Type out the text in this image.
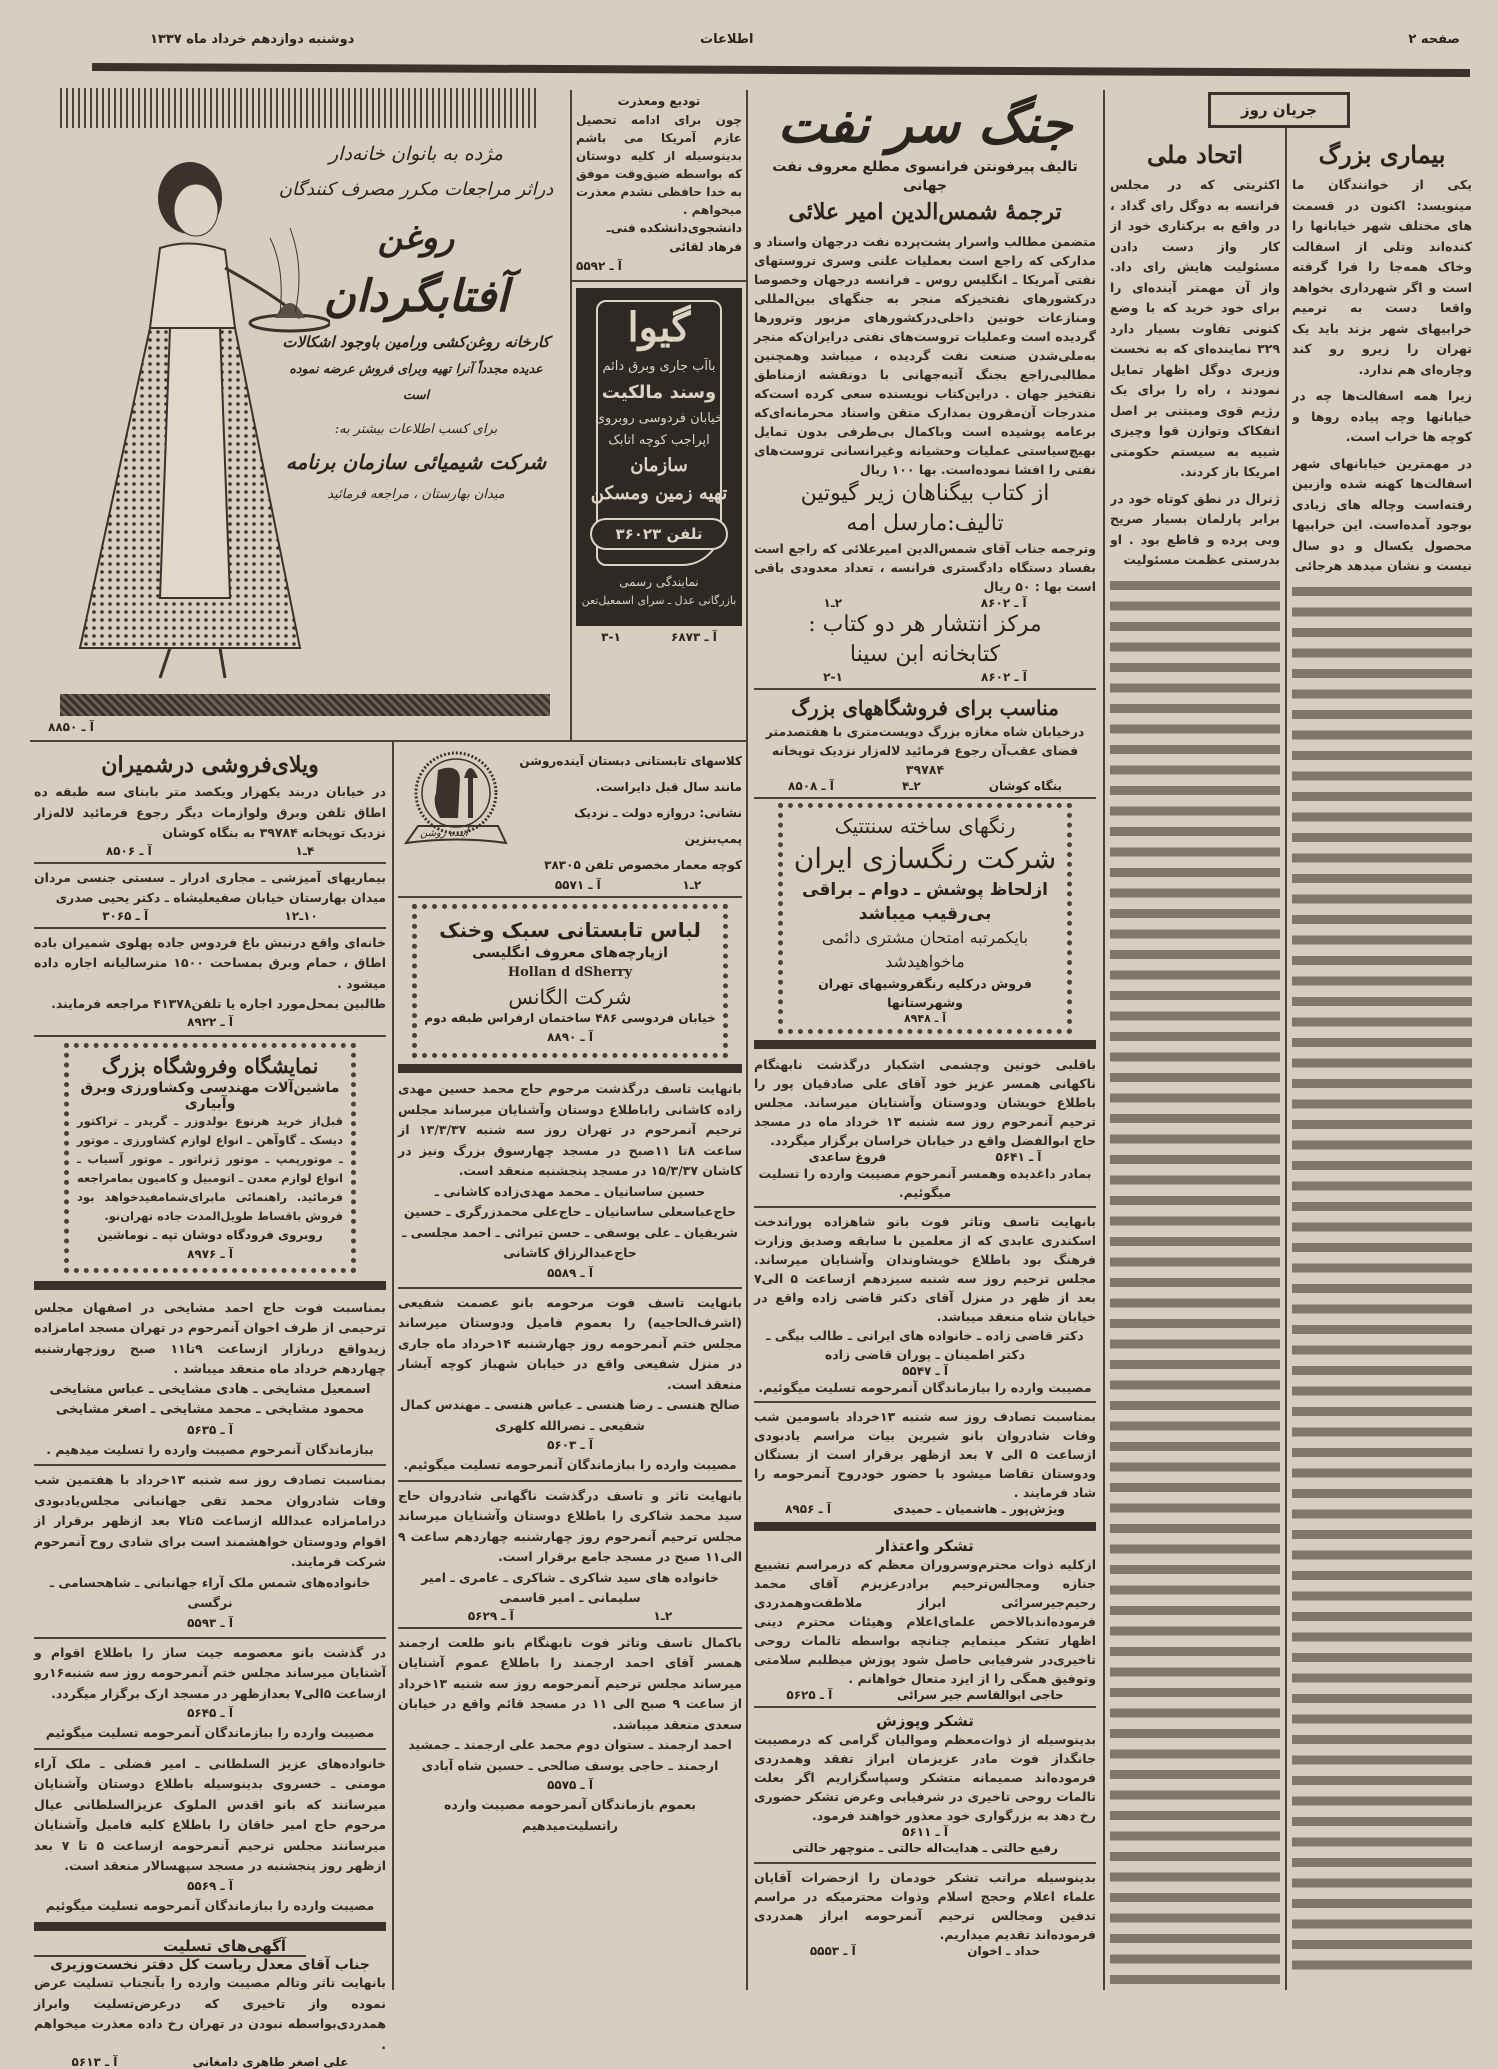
صفحه ۲
اطلاعات
دوشنبه دوازدهم خرداد ماه ۱۳۳۷
جریان روز
بیماری بزرگ

یکی از خوانندگان ما مینویسد: اکنون در قسمت های مختلف شهر خیابانها را کنده‌اند وتلی از اسفالت وخاک همه‌جا را فرا گرفته است و اگر شهرداری بخواهد واقعا دست به ترمیم خرابیهای شهر بزند باید یک تهران را زیرو رو کند وچاره‌ای هم ندارد.

زیرا همه اسفالت‌ها چه در خیابانها وچه پیاده روها و کوچه ها خراب است.

در مهمترین خیابانهای شهر اسفالت‌ها کهنه شده وازبین رفته‌است وچاله های زیادی بوجود آمده‌است. این خرابیها محصول یکسال و دو سال نیست و نشان میدهد هرجائی

اتحاد ملی

اکثریتی که در مجلس فرانسه به دوگل رای گداد ، در واقع به برکناری خود از کار واز دست دادن مسئولیت هایش رای داد. واز آن مهمتر آینده‌ای را برای خود خرید که با وضع کنونی تفاوت بسیار دارد ۳۲۹ نماینده‌ای که به نخست وزیری دوگل اظهار تمایل نمودند ، راه را برای یک رژیم قوی ومبتنی بر اصل انفکاک وتوازن قوا وچیزی شبیه به سیستم حکومتی امریکا باز کردند.

ژنرال در نطق کوتاه خود در برابر پارلمان بسیار صریح وبی پرده و قاطع بود . او بدرستی عظمت مسئولیت

جنگ سر نفت
تالیف پیرفونتن فرانسوی مطلع معروف نفت جهانی
ترجمهٔ شمس‌الدین امیر علائی

متضمن مطالب واسرار پشت‌پرده نفت درجهان واسناد و مدارکی که راجع است بعملیات علنی وسری تروستهای نفتی آمریکا ـ انگلیس روس ـ فرانسه درجهان وخصوصا درکشورهای نفتخیزکه منجر به جنگهای بین‌المللی ومنازعات خونین داخلی‌درکشورهای مزبور وترورها گردیده است وعملیات تروست‌های نفتی درایران‌که منجر به‌ملی‌شدن صنعت نفت گردیده ، میباشد وهمچنین مطالبی‌راجع بجنگ آتیه‌جهانی با دونقشه ازمناطق نفتخیز جهان . دراین‌کتاب نویسنده سعی کرده است‌که مندرجات آن‌مقرون بمدارک متقن واسناد محرمانه‌ای‌که برعامه پوشیده است وباکمال بی‌طرفی بدون تمایل بهیچ‌سیاستی عملیات وحشیانه وغیرانسانی تروست‌های نفتی را افشا نموده‌است. بها ۱۰۰ ریال

از کتاب بیگناهان زیر گیوتین
تالیف:مارسل امه

وترجمه جناب آقای شمس‌الدین امیرعلائی که راجع است بفساد دستگاه دادگستری فرانسه ، تعداد معدودی باقی است بها : ۵۰ ریال

آ ـ ۸۶۰۲
۲ـ۱
مرکز انتشار هر دو کتاب :
کتابخانه ابن سینا
آ ـ ۸۶۰۲
۲-۱
مناسب برای فروشگاههای بزرگ

درخیابان شاه مغازه بزرگ دویست‌متری با هفتصدمتر فضای عقب‌آن رجوع فرمائید لاله‌زار نزدیک توپخانه ۳۹۷۸۴

بنگاه کوشان
۲ـ۴
آ ـ ۸۵۰۸
رنگهای ساخته سنتتیک
شرکت رنگسازی ایران
ازلحاظ پوشش ـ دوام ـ براقی
بی‌رقیب میباشد
بایکمرتبه امتحان مشتری دائمی
ماخواهیدشد
فروش درکلیه رنگفروشیهای تهران وشهرستانها
آ ـ ۸۹۴۸

باقلبی خونین وچشمی اشکبار درگذشت نابهنگام ناکهانی همسر عزیز خود آقای علی صادقیان پور را باطلاع خویشان ودوستان وآشنایان میرساند. مجلس ترحیم آنمرحوم روز سه شنبه ۱۳ خرداد ماه در مسجد حاج ابوالفضل واقع در خیابان خراسان برگزار میگردد.

آ ـ ۵۶۴۱
فروغ ساعدی

بمادر داغدیده وهمسر آنمرحوم مصیبت وارده را تسلیت میگوئیم.

بانهایت تاسف وتاثر فوت بانو شاهزاده پوراندخت اسکندری عابدی که از معلمین با سابقه وصدیق وزارت فرهنگ بود باطلاع خویشاوندان وآشنایان میرساند. مجلس ترحیم روز سه شنبه سیزدهم ازساعت ۵ الی۷ بعد از ظهر در منزل آقای دکتر قاضی زاده واقع در خیابان شاه منعقد میباشد.

دکتر قاضی زاده ـ خانواده های ایرانی ـ طالب بیگی ـ دکتر اطمینان ـ پوران قاضی زاده

آ ـ ۵۵۴۷

مصیبت وارده را ببازماندگان آنمرحومه تسلیت میگوئیم.

بمناسبت تصادف روز سه شنبه ۱۳خرداد باسومین شب وفات شادروان بانو شیرین بیات مراسم یادبودی ازساعت ۵ الی ۷ بعد ازظهر برقرار است از بستگان ودوستان تقاضا میشود با حضور خودروح آنمرحومه را شاد فرمایند .

ویژش‌پور ـ هاشمیان ـ حمیدی
آ ـ ۸۹۵۶
تشکر واعتذار

ازکلیه ذوات محترم‌وسروران معظم که درمراسم تشییع جنازه ومجالس‌ترحیم برادرعزیزم آقای محمد رحیم‌جیرسرائی ابراز ملاطفت‌وهمدردی فرموده‌اندبالاخص علمای‌اعلام وهیئات محترم دینی اظهار تشکر مینمایم چنانچه بواسطه تالمات روحی تاخیری‌در شرفیابی حاصل شود پوزش میطلبم سلامتی وتوفیق همگی را از ایزد متعال خواهانم .

حاجی ابوالقاسم جیر سرائی
آ ـ ۵۶۲۵
تشکر وپوزش

بدینوسیله از ذوات‌معظم وموالیان گرامی که درمصیبت جانگداز فوت مادر عزیزمان ابراز تفقد وهمدردی فرموده‌اند صمیمانه متشکر وسپاسگزاریم اگر بعلت تالمات روحی تاخیری در شرفیابی وعرض تشکر حضوری رخ دهد به بزرگواری خود معذور خواهند فرمود.

آ ـ ۵۶۱۱
رفیع حالتی ـ هدایت‌اله حالتی ـ منوچهر حالتی

بدینوسیله مراتب تشکر خودمان را ازحضرات آقایان علماء اعلام وحجج اسلام وذوات محترمیکه در مراسم تدفین ومجالس ترحیم آنمرحومه ابراز همدردی فرموده‌اند تقدیم میداریم.

حداد ـ اخوان
آ ـ ۵۵۵۳
تودیع ومعذرت

چون برای ادامه تحصیل عازم آمریکا می باشم بدینوسیله از کلیه دوستان که بواسطه ضیق‌وقت موفق به خدا حافظی نشدم معذرت میخواهم .

دانشجوی‌دانشکده فنی‌ـ فرهاد لقائی
آ ـ ۵۵۹۲
گیوا
باآب جاری وبرق دائم
وسند مالکیت
خیابان فردوسی روبروی
اپراجب کوچه اتابک
سازمان
تهیه زمین ومسکن
تلفن ۳۶۰۲۳
نمایندگی رسمی
بازرگانی عدل ـ سرای اسمعیل‌تعن
آ ـ ۶۸۷۳
۳-۱
مژده به بانوان خانه‌دار
دراثر مراجعات مکرر مصرف کنندگان
روغن
آفتابگردان
کارخانه روغن‌کشی ورامین باوجود اشکالات
عدیده مجدداً آنرا تهیه وبرای فروش عرضه نموده است
برای کسب اطلاعات بیشتر به:
شرکت شیمیائی سازمان برنامه
میدان بهارستان ، مراجعه فرمائید
آ ـ ۸۸۵۰
ویلای‌فروشی درشمیران

در خیابان دربند یکهزار ویکصد متر بابنای سه طبقه ده اطاق تلفن وبرق ولوازمات دیگر رجوع فرمائید لاله‌زار نزدیک توپخانه ۳۹۷۸۴ به بنگاه کوشان

۴ـ۱
آ ـ ۸۵۰۶

بیماریهای آمیزشی ـ مجاری ادرار ـ سستی جنسی مردان میدان بهارستان خیابان صفیعلیشاه ـ دکتر یحیی صدری

۱۰ـ۱۲
آ ـ ۳۰۶۵

خانه‌ای واقع درنبش باغ فردوس جاده پهلوی شمیران باده اطاق ، حمام وبرق بمساحت ۱۵۰۰ مترسالیانه اجاره داده میشود .

طالبین بمحل‌مورد اجاره یا تلفن۴۱۳۷۸ مراجعه فرمایند.

آ ـ ۸۹۲۲
نمایشگاه وفروشگاه بزرگ
ماشین‌آلات مهندسی وکشاورزی وبرق وآبیاری

قبل‌از خرید هرنوع بولدوزر ـ گریدر ـ تراکتور دیسک ـ گاوآهن ـ انواع لوازم کشاورزی ـ موتور ـ موتورپمپ ـ موتور ژنراتور ـ موتور آسیاب ـ انواع لوازم معدن ـ اتومبیل و کامیون بمامراجعه فرمائید. راهنمائی مابرای‌شمامفیدخواهد بود فروش باقساط طویل‌المدت جاده تهران‌نو.

روبروی فرودگاه دوشان تپه ـ نوماشین
آ ـ ۸۹۷۶

بمناسبت فوت حاج احمد مشایخی در اصفهان مجلس ترحیمی از طرف اخوان آنمرحوم در تهران مسجد امامزاده زیدواقع دربازار ازساعت ۹تا۱۱ صبح روزچهارشنبه چهاردهم خرداد ماه منعقد میباشد .

اسمعیل مشایخی ـ هادی مشایخی ـ عباس مشایخی محمود مشایخی ـ محمد مشایخی ـ اصغر مشایخی

آ ـ ۵۶۳۵

ببازماندگان آنمرحوم مصیبت وارده را تسلیت میدهیم .

بمناسبت تصادف روز سه شنبه ۱۳خرداد با هفتمین شب وفات شادروان محمد تقی جهانبانی مجلس‌یادبودی درامامزاده عبدالله ازساعت ۵تا۷ بعد ازظهر برقرار از اقوام ودوستان خواهشمند است برای شادی روح آنمرحوم شرکت فرمایند.

خانواده‌های شمس ملک آراء جهانبانی ـ شاهحسامی ـ نرگسی

آ ـ ۵۵۹۳

در گذشت بانو معصومه جیت ساز را باطلاع اقوام و آشنایان میرساند مجلس ختم آنمرحومه روز سه شنبه۱۶رو ازساعت ۵الی۷ بعدازظهر در مسجد ارک برگزار میگردد.

آ ـ ۵۶۴۵

مصیبت وارده را ببازماندگان آنمرحومه تسلیت میگوئیم

خانواده‌های عزیز السلطانی ـ امیر فضلی ـ ملک آراء مومنی ـ خسروی بدینوسیله باطلاع دوستان وآشنایان میرسانند که بانو اقدس الملوک عزیزالسلطانی عیال مرحوم حاج امیر خاقان را باطلاع کلیه فامیل وآشنایان میرسانند مجلس ترحیم آنمرحومه ازساعت ۵ تا ۷ بعد ازظهر روز پنجشنبه در مسجد سپهسالار منعقد است.

آ ـ ۵۵۶۹

مصیبت وارده را ببازماندگان آنمرحومه تسلیت میگوئیم

آگهی‌های تسلیت
جناب آقای معدل ریاست کل دفتر نخست‌وزیری

بانهایت تاثر وتالم مصیبت وارده را بآنجناب تسلیت عرض نموده واز تاخیری که درعرض‌تسلیت وابراز همدردی‌بواسطه نبودن در تهران رخ داده معذرت میخواهم .

علی اصغر طاهری دامغانی
آ ـ ۵۶۱۳
کلاسهای تابستانی دبستان آینده‌روشن
مانند سال قبل دایراست.
نشانی: دروازه دولت ـ نزدیک پمپ‌بنزین
کوچه معمار مخصوص تلفن ۳۸۳۰۵
۲ـ۱
آ ـ ۵۵۷۱
آینده روشن
لباس تابستانی سبک وخنک
ازپارچه‌های معروف انگلیسی
Hollan d dSherry
شرکت الگانس
خیابان فردوسی ۴۸۶ ساختمان ارفراس طبقه دوم
آ ـ ۸۸۹۰

بانهایت تاسف درگذشت مرحوم حاج محمد حسین مهدی زاده کاشانی راباطلاع دوستان وآشنایان میرساند مجلس ترحیم آنمرحوم در تهران روز سه شنبه ۱۳/۳/۳۷ از ساعت ۸تا ۱۱صبح در مسجد چهارسوق بزرگ ونیز در کاشان ۱۵/۳/۳۷ در مسجد پنجشنبه منعقد است.

حسین ساسانیان ـ محمد مهدی‌زاده کاشانی ـ حاج‌عباسعلی ساسانیان ـ حاج‌علی محمدزرگری ـ حسین شریفیان ـ علی یوسفی ـ حسن تبرائی ـ احمد مجلسی ـ حاج‌عبدالرزاق کاشانی

آ ـ ۵۵۸۹

بانهایت تاسف فوت مرحومه بانو عصمت شفیعی (اشرف‌الحاجیه) را بعموم فامیل ودوستان میرساند مجلس ختم آنمرحومه روز چهارشنبه ۱۴خرداد ماه جاری در منزل شفیعی واقع در خیابان شهباز کوچه آبشار منعقد است.

صالح هنسی ـ رضا هنسی ـ عباس هنسی ـ مهندس کمال شفیعی ـ نصرالله کلهری

آ ـ ۵۶۰۳

مصیبت وارده را ببازماندگان آنمرحومه تسلیت میگوئیم.

بانهایت تاثر و تاسف درگذشت ناگهانی شادروان حاج سید محمد شاکری را باطلاع دوستان وآشنایان میرساند مجلس ترحیم آنمرحوم روز چهارشنبه چهاردهم ساعت ۹ الی۱۱ صبح در مسجد جامع برقرار است.

خانواده های سید شاکری ـ شاکری ـ عامری ـ امیر سلیمانی ـ امیر قاسمی

۲ـ۱
آ ـ ۵۶۲۹

باکمال تاسف وتاثر فوت نابهنگام بانو طلعت ارجمند همسر آقای احمد ارجمند را باطلاع عموم آشنایان میرساند مجلس ترحیم آنمرحومه روز سه شنبه ۱۳خرداد از ساعت ۹ صبح الی ۱۱ در مسجد قائم واقع در خیابان سعدی منعقد میباشد.

احمد ارجمند ـ ستوان دوم محمد علی ارجمند ـ جمشید ارجمند ـ حاجی یوسف صالحی ـ حسین شاه آبادی

آ ـ ۵۵۷۵

بعموم بازماندگان آنمرحومه مصیبت وارده راتسلیت‌میدهیم
